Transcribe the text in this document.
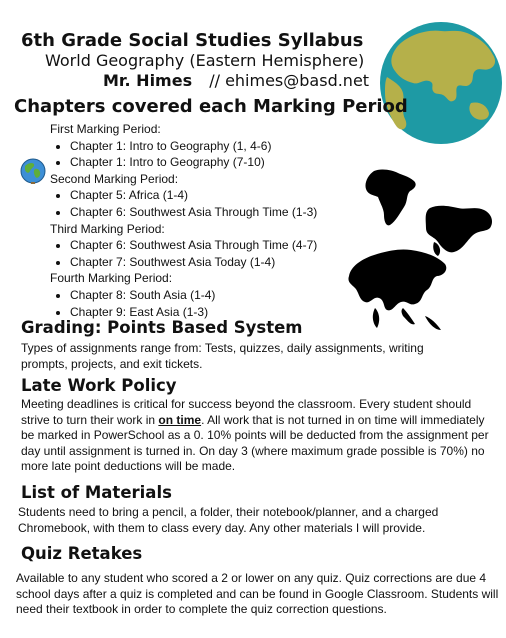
6th Grade Social Studies Syllabus
World Geography (Eastern Hemisphere)
Mr. Himes // ehimes@basd.net
Chapters covered each Marking Period
First Marking Period:
• Chapter 1: Intro to Geography (1, 4-6)
• Chapter 1: Intro to Geography (7-10)
Second Marking Period:
• Chapter 5: Africa (1-4)
• Chapter 6: Southwest Asia Through Time (1-3)
Third Marking Period:
• Chapter 6: Southwest Asia Through Time (4-7)
• Chapter 7: Southwest Asia Today (1-4)
Fourth Marking Period:
• Chapter 8: South Asia (1-4)
• Chapter 9: East Asia (1-3)
Grading: Points Based System
Types of assignments range from: Tests, quizzes, daily assignments, writing prompts, projects, and exit tickets.
Late Work Policy
Meeting deadlines is critical for success beyond the classroom. Every student should strive to turn their work in on time. All work that is not turned in on time will immediately be marked in PowerSchool as a 0. 10% points will be deducted from the assignment per day until assignment is turned in. On day 3 (where maximum grade possible is 70%) no more late point deductions will be made.
List of Materials
Students need to bring a pencil, a folder, their notebook/planner, and a charged Chromebook, with them to class every day. Any other materials I will provide.
Quiz Retakes
Available to any student who scored a 2 or lower on any quiz. Quiz corrections are due 4 school days after a quiz is completed and can be found in Google Classroom. Students will need their textbook in order to complete the quiz correction questions.
